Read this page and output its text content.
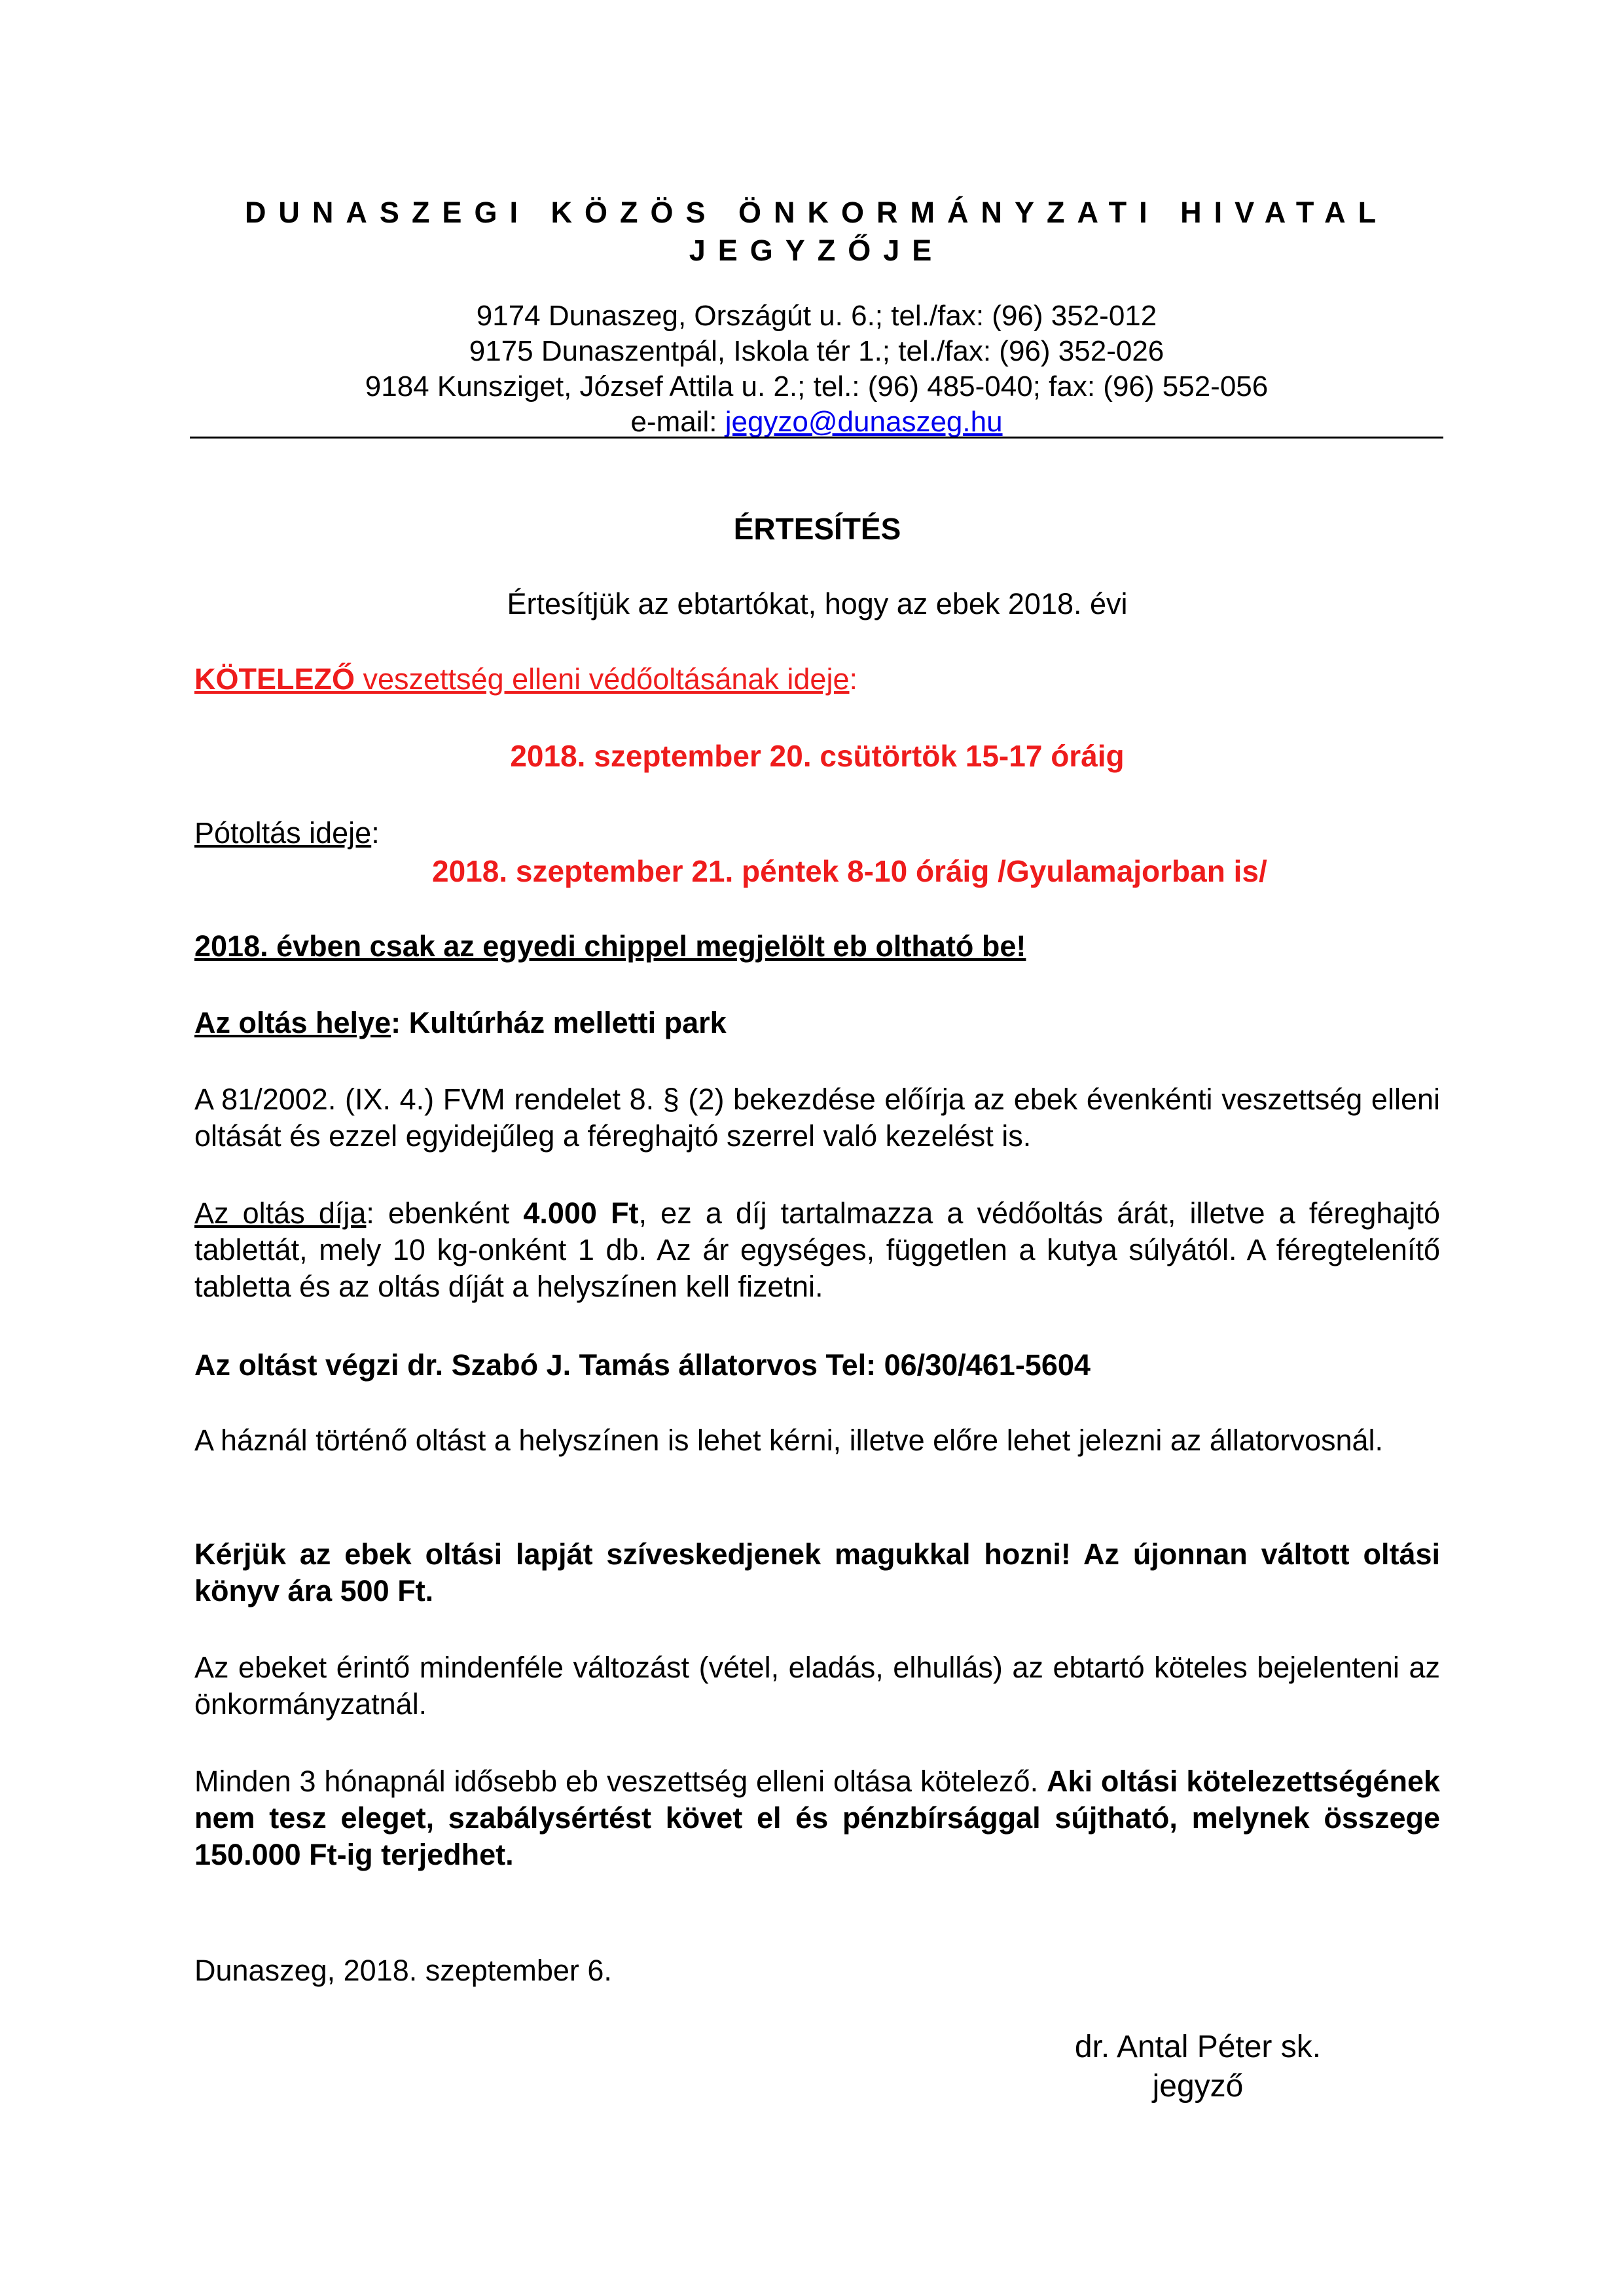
DUNASZEGI KÖZÖS ÖNKORMÁNYZATI HIVATAL

JEGYZŐJE

9174 Dunaszeg, Országút u. 6.; tel./fax: (96) 352-012

9175 Dunaszentpál, Iskola tér 1.; tel./fax: (96) 352-026

9184 Kunsziget, József Attila u. 2.; tel.: (96) 485-040; fax: (96) 552-056

e-mail: jegyzo@dunaszeg.hu

ÉRTESÍTÉS

Értesítjük az ebtartókat, hogy az ebek 2018. évi

KÖTELEZŐ veszettség elleni védőoltásának ideje:

2018. szeptember 20. csütörtök 15-17 óráig

Pótoltás ideje:

2018. szeptember 21. péntek 8-10 óráig /Gyulamajorban is/

2018. évben csak az egyedi chippel megjelölt eb oltható be!

Az oltás helye: Kultúrház melletti park

A 81/2002. (IX. 4.) FVM rendelet 8. § (2) bekezdése előírja az ebek évenkénti veszettség elleni oltását és ezzel egyidejűleg a féreghajtó szerrel való kezelést is.

Az oltás díja: ebenként 4.000 Ft, ez a díj tartalmazza a védőoltás árát, illetve a féreghajtó tablettát, mely 10 kg-onként 1 db. Az ár egységes, független a kutya súlyától. A féregtelenítő tabletta és az oltás díját a helyszínen kell fizetni.

Az oltást végzi dr. Szabó J. Tamás állatorvos Tel: 06/30/461-5604

A háznál történő oltást a helyszínen is lehet kérni, illetve előre lehet jelezni az állatorvosnál.

Kérjük az ebek oltási lapját szíveskedjenek magukkal hozni! Az újonnan váltott oltási könyv ára 500 Ft.

Az ebeket érintő mindenféle változást (vétel, eladás, elhullás) az ebtartó köteles bejelenteni az önkormányzatnál.

Minden 3 hónapnál idősebb eb veszettség elleni oltása kötelező. Aki oltási kötelezettségének nem tesz eleget, szabálysértést követ el és pénzbírsággal sújtható, melynek összege 150.000 Ft-ig terjedhet.

Dunaszeg, 2018. szeptember 6.

dr. Antal Péter sk.

jegyző
